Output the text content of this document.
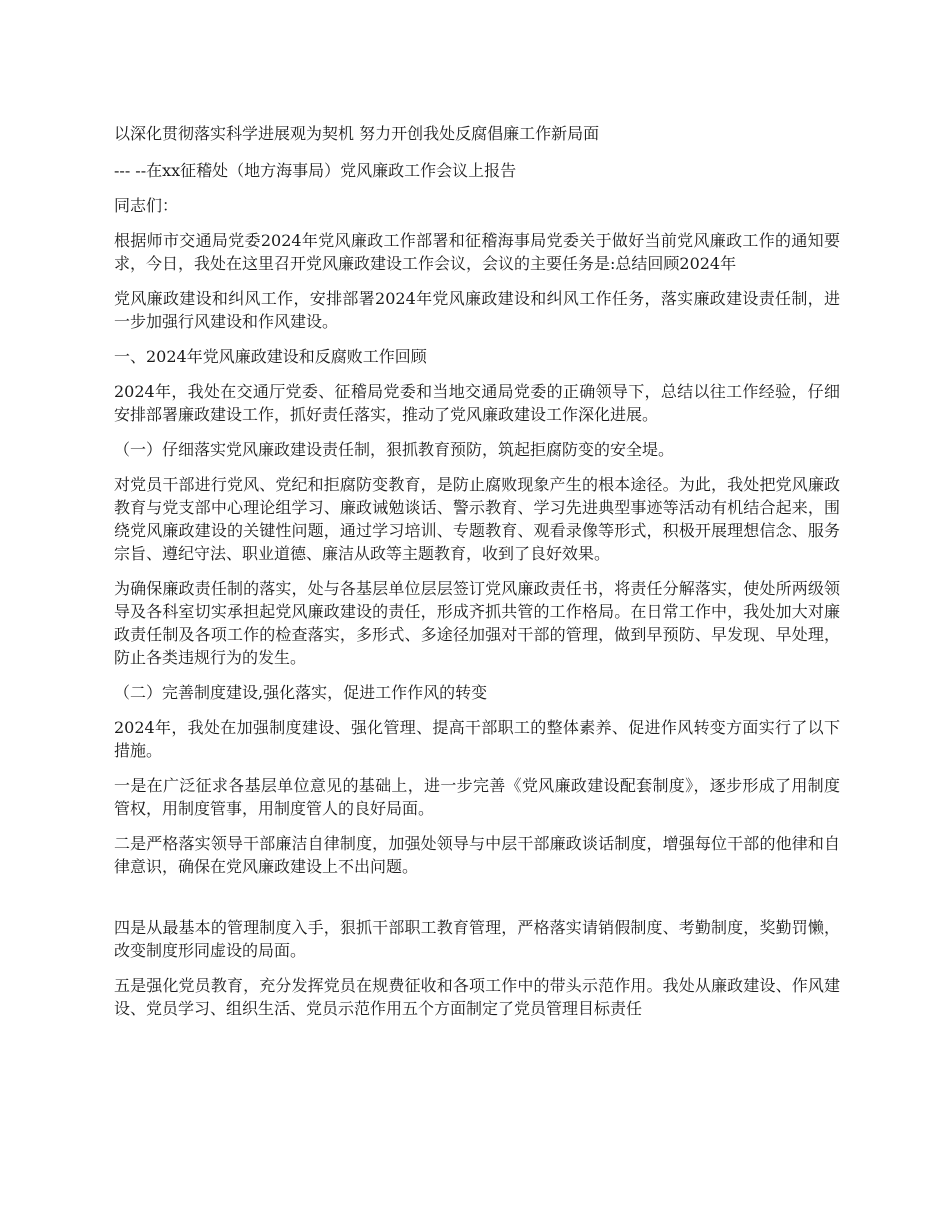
以深化贯彻落实科学进展观为契机 努力开创我处反腐倡廉工作新局面

--- --在xx征稽处（地方海事局）党风廉政工作会议上报告

同志们：

根据师市交通局党委2024年党风廉政工作部署和征稽海事局党委关于做好当前党风廉政工作的通知要求，今日，我处在这里召开党风廉政建设工作会议，会议的主要任务是:总结回顾2024年

党风廉政建设和纠风工作，安排部署2024年党风廉政建设和纠风工作任务，落实廉政建设责任制，进一步加强行风建设和作风建设。

一、2024年党风廉政建设和反腐败工作回顾

2024年，我处在交通厅党委、征稽局党委和当地交通局党委的正确领导下，总结以往工作经验，仔细安排部署廉政建设工作，抓好责任落实，推动了党风廉政建设工作深化进展。

（一）仔细落实党风廉政建设责任制，狠抓教育预防，筑起拒腐防变的安全堤。

对党员干部进行党风、党纪和拒腐防变教育，是防止腐败现象产生的根本途径。为此，我处把党风廉政教育与党支部中心理论组学习、廉政诫勉谈话、警示教育、学习先进典型事迹等活动有机结合起来，围绕党风廉政建设的关键性问题，通过学习培训、专题教育、观看录像等形式，积极开展理想信念、服务宗旨、遵纪守法、职业道德、廉洁从政等主题教育，收到了良好效果。

为确保廉政责任制的落实，处与各基层单位层层签订党风廉政责任书，将责任分解落实，使处所两级领导及各科室切实承担起党风廉政建设的责任，形成齐抓共管的工作格局。在日常工作中，我处加大对廉政责任制及各项工作的检查落实，多形式、多途径加强对干部的管理，做到早预防、早发现、早处理，防止各类违规行为的发生。

（二）完善制度建设,强化落实，促进工作作风的转变

2024年，我处在加强制度建设、强化管理、提高干部职工的整体素养、促进作风转变方面实行了以下措施。

一是在广泛征求各基层单位意见的基础上，进一步完善《党风廉政建设配套制度》，逐步形成了用制度管权，用制度管事，用制度管人的良好局面。

二是严格落实领导干部廉洁自律制度，加强处领导与中层干部廉政谈话制度，增强每位干部的他律和自律意识，确保在党风廉政建设上不出问题。

四是从最基本的管理制度入手，狠抓干部职工教育管理，严格落实请销假制度、考勤制度，奖勤罚懒，改变制度形同虚设的局面。

五是强化党员教育，充分发挥党员在规费征收和各项工作中的带头示范作用。我处从廉政建设、作风建设、党员学习、组织生活、党员示范作用五个方面制定了党员管理目标责任
